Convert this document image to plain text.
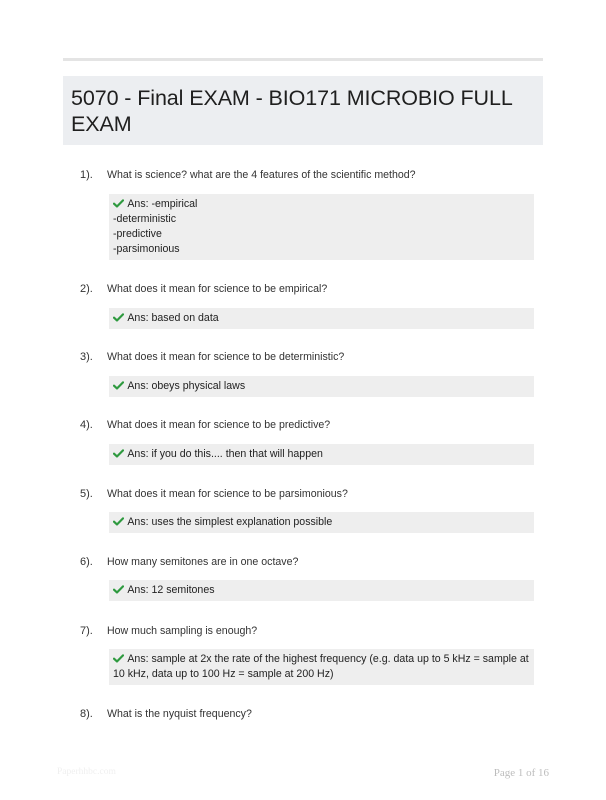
5070 - Final EXAM - BIO171 MICROBIO FULL EXAM
1). What is science? what are the 4 features of the scientific method?
Ans: -empirical
-deterministic
-predictive
-parsimonious
2). What does it mean for science to be empirical?
Ans: based on data
3). What does it mean for science to be deterministic?
Ans: obeys physical laws
4). What does it mean for science to be predictive?
Ans: if you do this.... then that will happen
5). What does it mean for science to be parsimonious?
Ans: uses the simplest explanation possible
6). How many semitones are in one octave?
Ans: 12 semitones
7). How much sampling is enough?
Ans: sample at 2x the rate of the highest frequency (e.g. data up to 5 kHz = sample at
10 kHz, data up to 100 Hz = sample at 200 Hz)
8). What is the nyquist frequency?
Paperhhbc.com	Page 1 of 16
